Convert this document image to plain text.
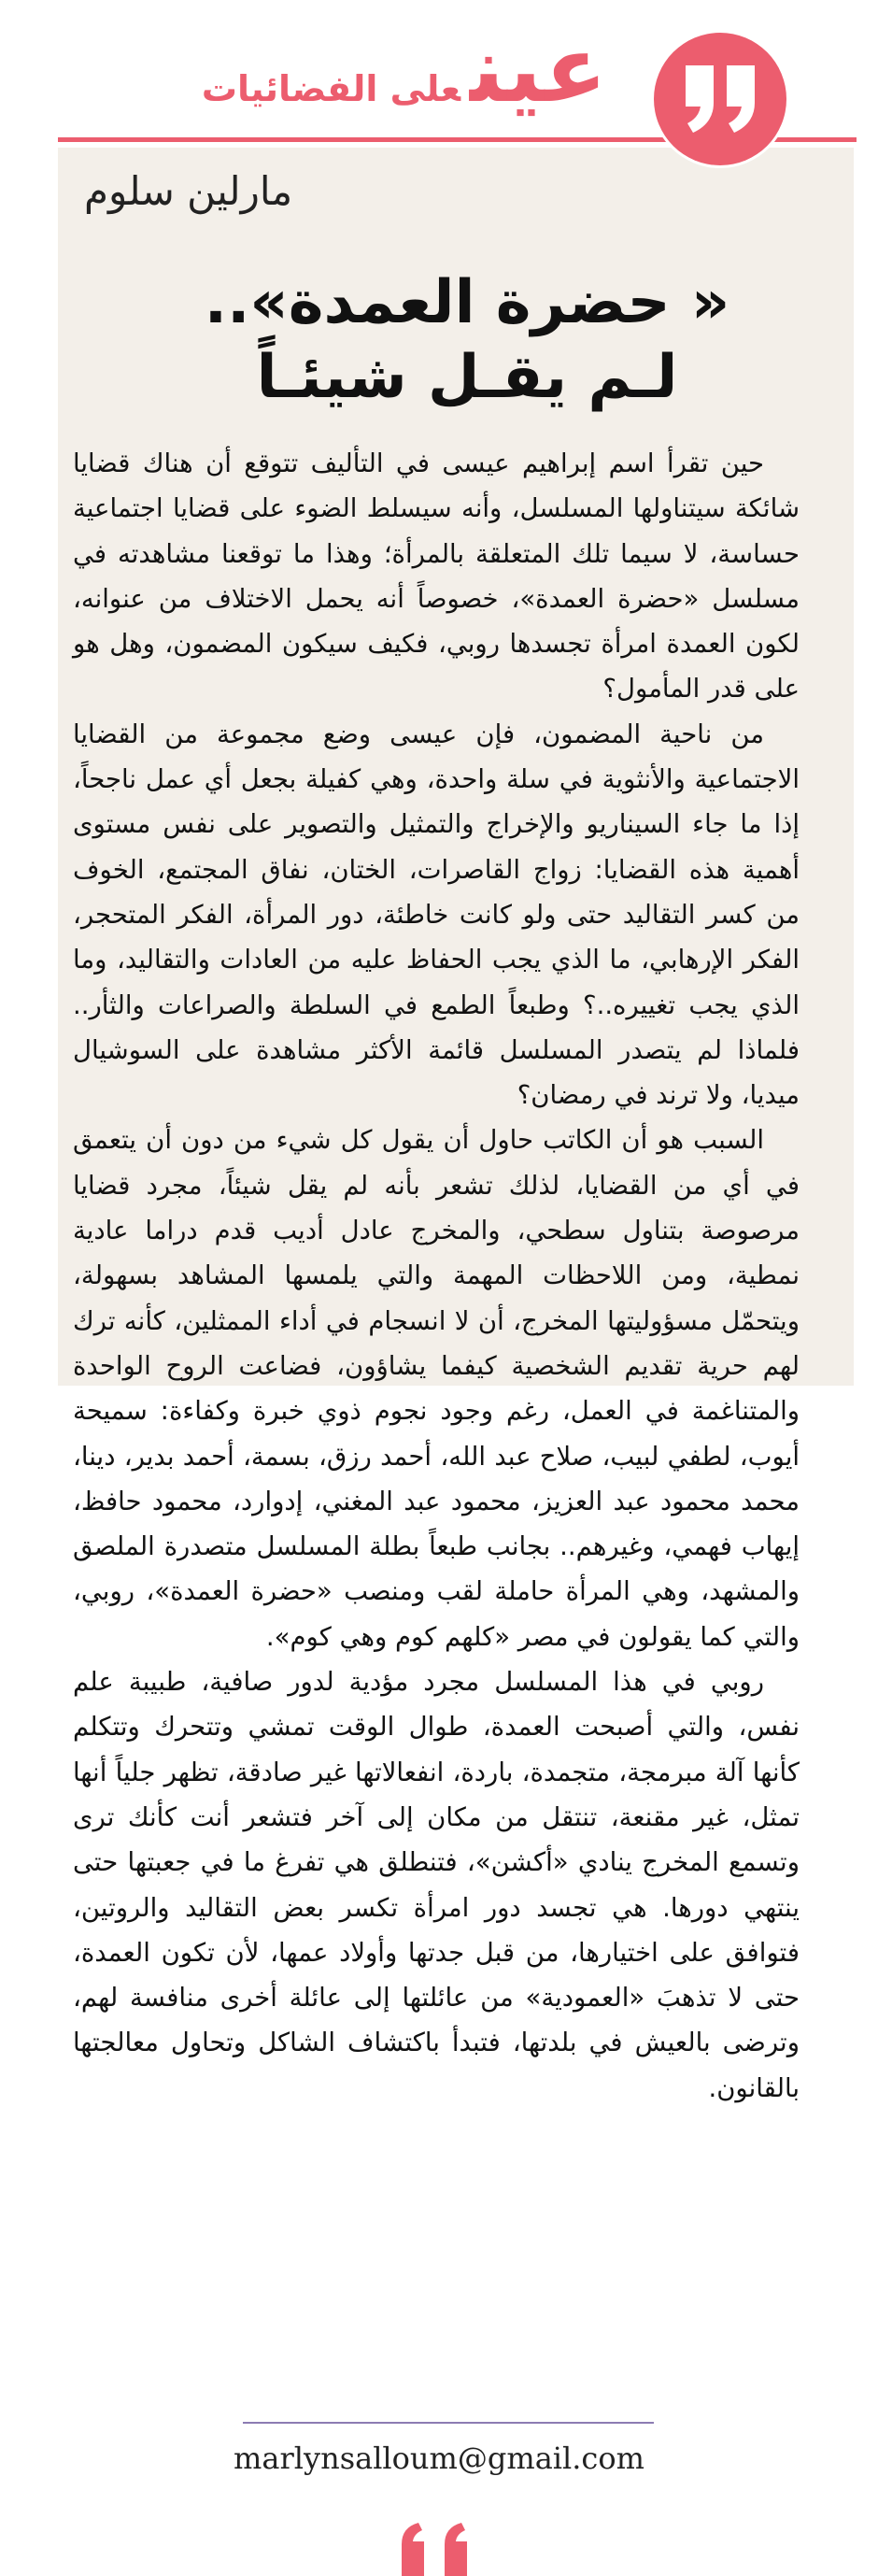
عينعلى الفضائيات
مارلين سلوم
« حضرة العمدة»..
لـم يقـل شيئـاً

حين تقرأ اسم إبراهيم عيسى في التأليف تتوقع أن هناك قضايا شائكة سيتناولها المسلسل، وأنه سيسلط الضوء على قضايا اجتماعية حساسة، لا سيما تلك المتعلقة بالمرأة؛ وهذا ما توقعنا مشاهدته في مسلسل «حضرة العمدة»، خصوصاً أنه يحمل الاختلاف من عنوانه، لكون العمدة امرأة تجسدها روبي، فكيف سيكون المضمون، وهل هو على قدر المأمول؟

من ناحية المضمون، فإن عيسى وضع مجموعة من القضايا الاجتماعية والأنثوية في سلة واحدة، وهي كفيلة بجعل أي عمل ناجحاً، إذا ما جاء السيناريو والإخراج والتمثيل والتصوير على نفس مستوى أهمية هذه القضايا: زواج القاصرات، الختان، نفاق المجتمع، الخوف من كسر التقاليد حتى ولو كانت خاطئة، دور المرأة، الفكر المتحجر، الفكر الإرهابي، ما الذي يجب الحفاظ عليه من العادات والتقاليد، وما الذي يجب تغييره..؟ وطبعاً الطمع في السلطة والصراعات والثأر.. فلماذا لم يتصدر المسلسل قائمة الأكثر مشاهدة على السوشيال ميديا، ولا ترند في رمضان؟

السبب هو أن الكاتب حاول أن يقول كل شيء من دون أن يتعمق في أي من القضايا، لذلك تشعر بأنه لم يقل شيئاً، مجرد قضايا مرصوصة بتناول سطحي، والمخرج عادل أديب قدم دراما عادية نمطية، ومن اللاحظات المهمة والتي يلمسها المشاهد بسهولة، ويتحمّل مسؤوليتها المخرج، أن لا انسجام في أداء الممثلين، كأنه ترك لهم حرية تقديم الشخصية كيفما يشاؤون، فضاعت الروح الواحدة والمتناغمة في العمل، رغم وجود نجوم ذوي خبرة وكفاءة: سميحة أيوب، لطفي لبيب، صلاح عبد الله، أحمد رزق، بسمة، أحمد بدير، دينا، محمد محمود عبد العزيز، محمود عبد المغني، إدوارد، محمود حافظ، إيهاب فهمي، وغيرهم.. بجانب طبعاً بطلة المسلسل متصدرة الملصق والمشهد، وهي المرأة حاملة لقب ومنصب «حضرة العمدة»، روبي، والتي كما يقولون في مصر «كلهم كوم وهي كوم».

روبي في هذا المسلسل مجرد مؤدية لدور صافية، طبيبة علم نفس، والتي أصبحت العمدة، طوال الوقت تمشي وتتحرك وتتكلم كأنها آلة مبرمجة، متجمدة، باردة، انفعالاتها غير صادقة، تظهر جلياً أنها تمثل، غير مقنعة، تنتقل من مكان إلى آخر فتشعر أنت كأنك ترى وتسمع المخرج ينادي «أكشن»، فتنطلق هي تفرغ ما في جعبتها حتى ينتهي دورها. هي تجسد دور امرأة تكسر بعض التقاليد والروتين، فتوافق على اختيارها، من قبل جدتها وأولاد عمها، لأن تكون العمدة، حتى لا تذهبَ «العمودية» من عائلتها إلى عائلة أخرى منافسة لهم، وترضى بالعيش في بلدتها، فتبدأ باكتشاف الشاكل وتحاول معالجتها بالقانون.

marlynsalloum@gmail.com
